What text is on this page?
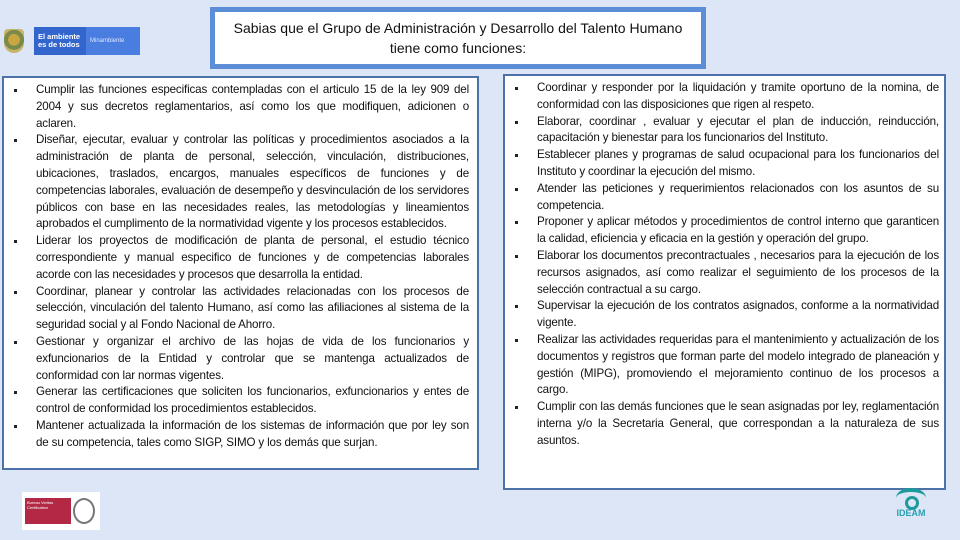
El ambiente es de todos	Minambiente
Sabias que el Grupo de Administración y Desarrollo del Talento Humano
tiene como funciones:
Cumplir las funciones especificas contempladas con el articulo 15 de la ley 909 del 2004 y sus decretos reglamentarios, así como los que modifiquen, adicionen o aclaren.
Diseñar, ejecutar, evaluar y controlar las políticas y procedimientos asociados a la administración de planta de personal, selección, vinculación, distribuciones, ubicaciones, traslados, encargos, manuales específicos de funciones y de competencias laborales, evaluación de desempeño y desvinculación de los servidores públicos con base en las necesidades reales, las metodologías y lineamientos aprobados el cumplimento de la normatividad vigente y los procesos establecidos.
Liderar los proyectos de modificación de planta de personal, el estudio técnico correspondiente y manual especifico de funciones y de competencias laborales acorde con las necesidades y procesos que desarrolla la entidad.
Coordinar, planear y controlar las actividades relacionadas con los procesos de selección, vinculación del talento Humano, así como las afiliaciones al sistema de la seguridad social y al Fondo Nacional de Ahorro.
Gestionar y organizar el archivo de las hojas de vida de los funcionarios y exfuncionarios de la Entidad y controlar que se mantenga actualizados de conformidad con lar normas vigentes.
Generar las certificaciones que soliciten los funcionarios, exfuncionarios y entes de control de conformidad los procedimientos establecidos.
Mantener actualizada la información de los sistemas de información que por ley son de su competencia, tales como SIGP, SIMO y los demás que surjan.
Coordinar y responder por la liquidación y tramite oportuno de la nomina, de conformidad con las disposiciones que rigen al respeto.
Elaborar, coordinar , evaluar y ejecutar el plan de inducción, reinducción, capacitación y bienestar para los funcionarios del Instituto.
Establecer planes y programas de salud ocupacional para los funcionarios del Instituto y coordinar la ejecución del mismo.
Atender las peticiones y requerimientos relacionados con los asuntos de su competencia.
Proponer y aplicar métodos y procedimientos de control interno que garanticen la calidad, eficiencia y eficacia en la gestión y operación del grupo.
Elaborar los documentos precontractuales , necesarios para la ejecución de los recursos asignados, así como realizar el seguimiento de los procesos de la selección contractual a su cargo.
Supervisar la ejecución de los contratos asignados, conforme a la normatividad vigente.
Realizar las actividades requeridas para el mantenimiento y actualización de los documentos y registros que forman parte del modelo integrado de planeación y gestión (MIPG), promoviendo el mejoramiento continuo de los procesos a cargo.
Cumplir con las demás funciones que le sean asignadas por ley, reglamentación interna y/o la Secretaria General, que correspondan a la naturaleza de sus asuntos.
Bureau Veritas Certification
IDEAM
